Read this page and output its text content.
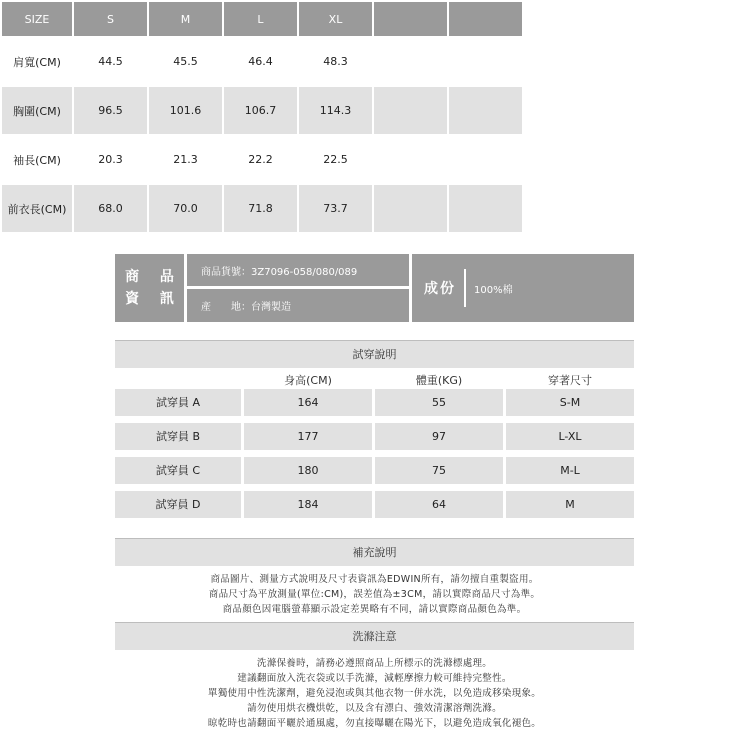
SIZE	S	M	L	XL		
肩寬(CM)	44.5	45.5	46.4	48.3		
胸圍(CM)	96.5	101.6	106.7	114.3		
袖長(CM)	20.3	21.3	22.2	22.5		
前衣長(CM)	68.0	70.0	71.8	73.7		
商 品
資 訊
商品貨號：3Z7096-058/080/089
產　　地：台灣製造
成份 100%棉
試穿說明
身高(CM)	體重(KG)	穿著尺寸
試穿員 A	164	55	S-M
試穿員 B	177	97	L-XL
試穿員 C	180	75	M-L
試穿員 D	184	64	M
補充說明
商品圖片、測量方式說明及尺寸表資訊為EDWIN所有，請勿擅自重製盜用。
商品尺寸為平放測量(單位:CM)，誤差值為±3CM，請以實際商品尺寸為準。
商品顏色因電腦螢幕顯示設定差異略有不同，請以實際商品顏色為準。
洗滌注意
洗滌保養時，請務必遵照商品上所標示的洗滌標處理。
建議翻面放入洗衣袋或以手洗滌，減輕摩擦力較可維持完整性。
單獨使用中性洗潔劑，避免浸泡或與其他衣物一併水洗，以免造成移染現象。
請勿使用烘衣機烘乾，以及含有漂白、強效清潔溶劑洗滌。
晾乾時也請翻面平曬於通風處，勿直接曝曬在陽光下，以避免造成氧化褪色。
